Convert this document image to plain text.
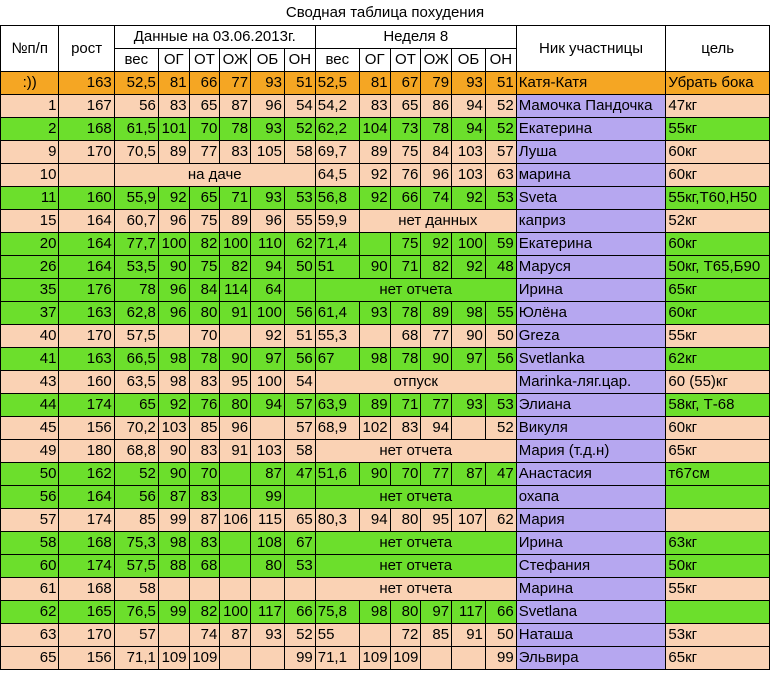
Сводная таблица похудения
№п/п	рост	Данные на 03.06.2013г.						Неделя 8						Ник участницы	цель
		вес	ОГ	ОТ	ОЖ	ОБ	ОН	вес	ОГ	ОТ	ОЖ	ОБ	ОН		
:))	163	52,5	81	66	77	93	51	52,5	81	67	79	93	51	Катя-Катя	Убрать бока
1	167	56	83	65	87	96	54	54,2	83	65	86	94	52	Мамочка Пандочка	47кг
2	168	61,5	101	70	78	93	52	62,2	104	73	78	94	52	Екатерина	55кг
9	170	70,5	89	77	83	105	58	69,7	89	75	84	103	57	Луша	60кг
10		на даче						64,5	92	76	96	103	63	марина	60кг
11	160	55,9	92	65	71	93	53	56,8	92	66	74	92	53	Sveta	55кг,Т60,Н50
15	164	60,7	96	75	89	96	55	59,9	нет данных					каприз	52кг
20	164	77,7	100	82	100	110	62	71,4		75	92	100	59	Екатерина	60кг
26	164	53,5	90	75	82	94	50	51	90	71	82	92	48	Маруся	50кг, Т65,Б90
35	176	78	96	84	114	64		нет отчета						Ирина	65кг
37	163	62,8	96	80	91	100	56	61,4	93	78	89	98	55	Юлёна	60кг
40	170	57,5		70		92	51	55,3		68	77	90	50	Greza	55кг
41	163	66,5	98	78	90	97	56	67	98	78	90	97	56	Svetlanka	62кг
43	160	63,5	98	83	95	100	54	отпуск						Marinka-ляг.цар.	60 (55)кг
44	174	65	92	76	80	94	57	63,9	89	71	77	93	53	Элиана	58кг, Т-68
45	156	70,2	103	85	96		57	68,9	102	83	94		52	Викуля	60кг
49	180	68,8	90	83	91	103	58	нет отчета						Мария (т.д.н)	65кг
50	162	52	90	70		87	47	51,6	90	70	77	87	47	Анастасия	т67см
56	164	56	87	83		99		нет отчета						охапа	
57	174	85	99	87	106	115	65	80,3	94	80	95	107	62	Мария	
58	168	75,3	98	83		108	67	нет отчета						Ирина	63кг
60	174	57,5	88	68		80	53	нет отчета						Стефания	50кг
61	168	58						нет отчета						Марина	55кг
62	165	76,5	99	82	100	117	66	75,8	98	80	97	117	66	Svetlana	
63	170	57		74	87	93	52	55		72	85	91	50	Наташа	53кг
65	156	71,1	109	109			99	71,1	109	109			99	Эльвира	65кг
